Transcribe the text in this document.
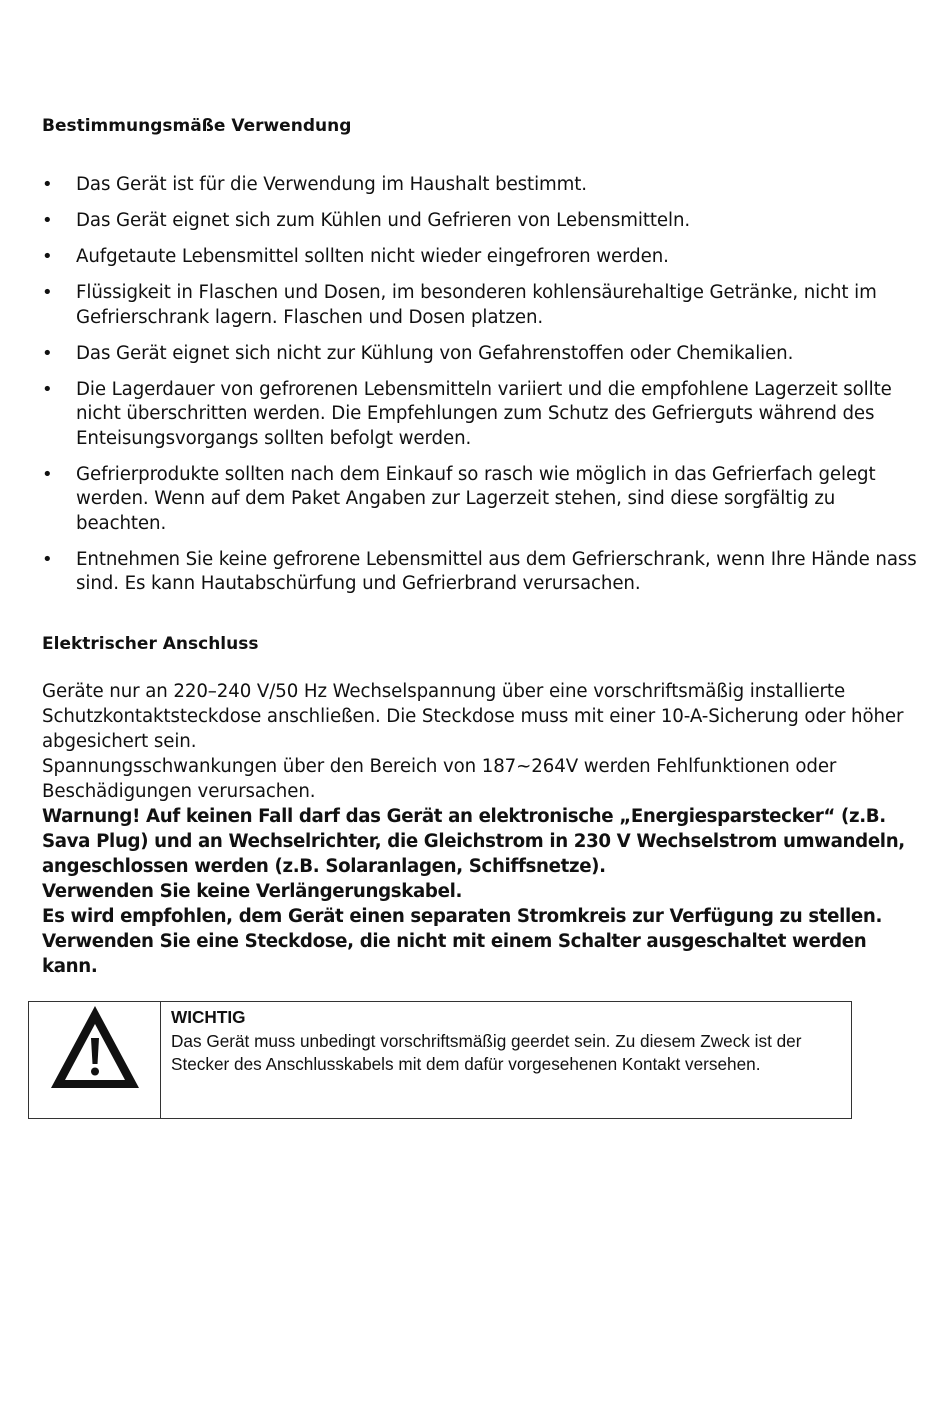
Bestimmungsmäße Verwendung
• Das Gerät ist für die Verwendung im Haushalt bestimmt.
• Das Gerät eignet sich zum Kühlen und Gefrieren von Lebensmitteln.
• Aufgetaute Lebensmittel sollten nicht wieder eingefroren werden.
• Flüssigkeit in Flaschen und Dosen, im besonderen kohlensäurehaltige Getränke, nicht im Gefrierschrank lagern. Flaschen und Dosen platzen.
• Das Gerät eignet sich nicht zur Kühlung von Gefahrenstoffen oder Chemikalien.
• Die Lagerdauer von gefrorenen Lebensmitteln variiert und die empfohlene Lagerzeit sollte nicht überschritten werden. Die Empfehlungen zum Schutz des Gefrierguts während des Enteisungsvorgangs sollten befolgt werden.
• Gefrierprodukte sollten nach dem Einkauf so rasch wie möglich in das Gefrierfach gelegt werden. Wenn auf dem Paket Angaben zur Lagerzeit stehen, sind diese sorgfältig zu beachten.
• Entnehmen Sie keine gefrorene Lebensmittel aus dem Gefrierschrank, wenn Ihre Hände nass sind. Es kann Hautabschürfung und Gefrierbrand verursachen.
Elektrischer Anschluss

Geräte nur an 220–240 V/50 Hz Wechselspannung über eine vorschriftsmäßig installierte Schutzkontaktsteckdose anschließen. Die Steckdose muss mit einer 10-A-Sicherung oder höher abgesichert sein.

Spannungsschwankungen über den Bereich von 187~264V werden Fehlfunktionen oder Beschädigungen verursachen.

Warnung! Auf keinen Fall darf das Gerät an elektronische „Energiesparstecker“ (z.B. Sava Plug) und an Wechselrichter, die Gleichstrom in 230 V Wechselstrom umwandeln, angeschlossen werden (z.B. Solaranlagen, Schiffsnetze).

Verwenden Sie keine Verlängerungskabel.

Es wird empfohlen, dem Gerät einen separaten Stromkreis zur Verfügung zu stellen.

Verwenden Sie eine Steckdose, die nicht mit einem Schalter ausgeschaltet werden kann.

WICHTIG
Das Gerät muss unbedingt vorschriftsmäßig geerdet sein. Zu diesem Zweck ist der Stecker des Anschlusskabels mit dem dafür vorgesehenen Kontakt versehen.
